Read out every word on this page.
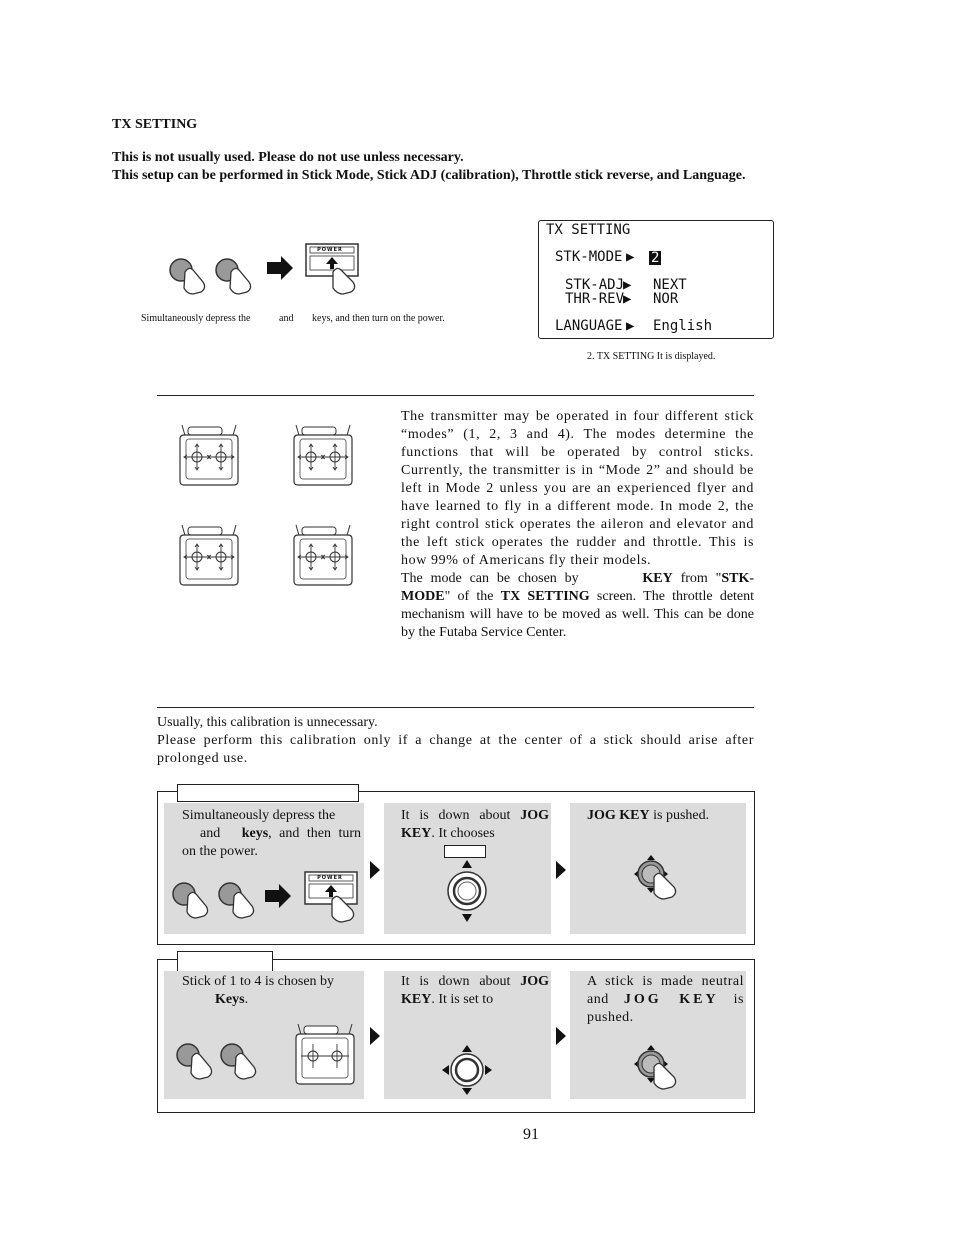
TX SETTING
This is not usually used. Please do not use unless necessary.
This setup can be performed in Stick Mode, Stick ADJ (calibration), Throttle stick reverse, and Language.
POWER
Simultaneously depress the	and keys, and then turn on the power.
TX SETTING
STK-MODE ▶ 2
STK-ADJ
▶ NEXT
THR-REV
▶ NOR
LANGUAGE ▶ English
2. TX SETTING It is displayed.
The transmitter may be operated in four different stick “modes” (1, 2, 3 and 4). The modes determine the functions that will be operated by control sticks. Currently, the transmitter is in “Mode 2” and should be left in Mode 2 unless you are an experienced flyer and have learned to fly in a different mode. In mode 2, the right control stick operates the aileron and elevator and the left stick operates the rudder and throttle. This is how 99% of Americans fly their models.
The mode can be chosen by	KEY from "STK-MODE" of the TX SETTING screen. The throttle detent mechanism will have to be moved as well. This can be done by the Futaba Service Center.
Usually, this calibration is unnecessary.
Please perform this calibration only if a change at the center of a stick should arise after prolonged use.
Simultaneously depress the
and keys, and then turn on the power.
POWER
It is down about JOG KEY. It chooses
JOG KEY is pushed.
Stick of 1 to 4 is chosen by
Keys.
It is down about JOG KEY. It is set to
A stick is made neutral and JOG KEY is pushed.
91
